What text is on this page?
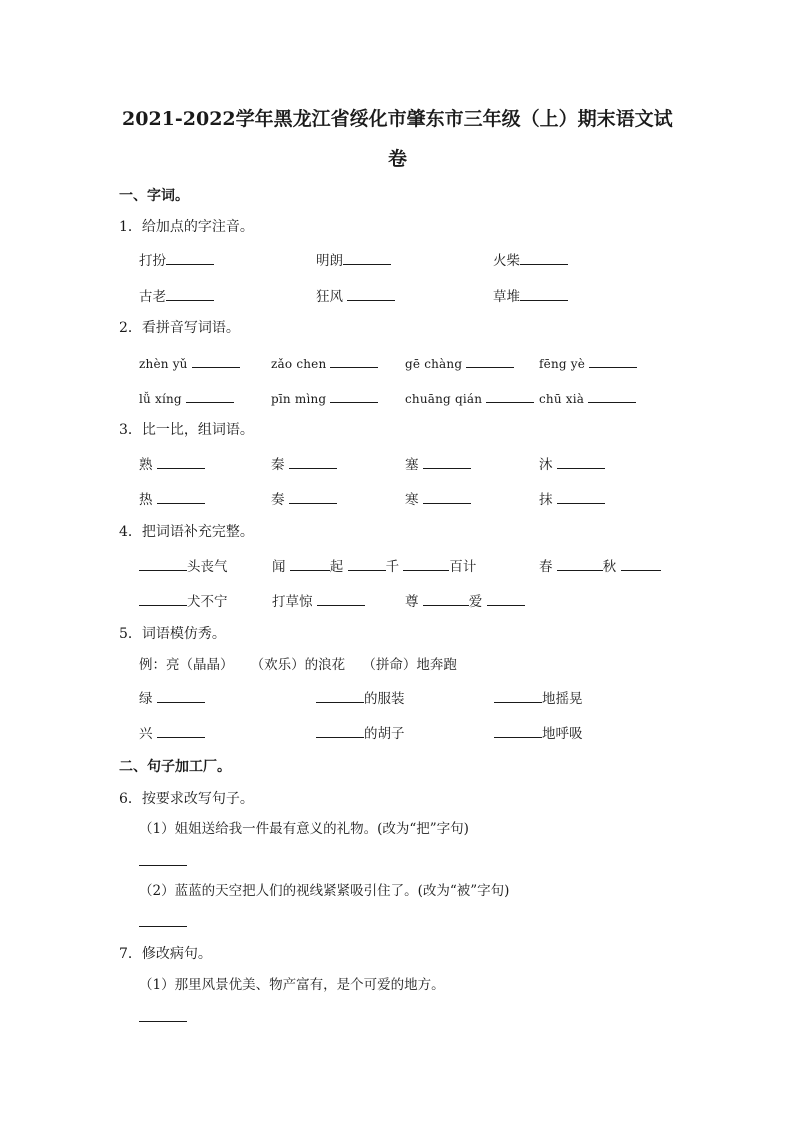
2021-2022学年黑龙江省绥化市肇东市三年级（上）期末语文试
卷
一、字词。
1．给加点的字注音。
打扮	明朗	火柴
古老	狂风	草堆
2．看拼音写词语。
zhèn yǔ	zǎo chen	gē chàng	fēng yè
lǚ xíng	pīn mìng	chuāng qián	chū xià
3．比一比，组词语。
熟	秦	塞	沐
热	奏	寒	抹
4．把词语补充完整。
头丧气	闻	起	千	百计	春	秋
犬不宁	打草惊	尊	爱
5．词语模仿秀。
例：亮（晶晶）    （欢乐）的浪花    （拼命）地奔跑
绿	的服装	地摇晃
兴	的胡子	地呼吸
二、句子加工厂。
6．按要求改写句子。
（1）姐姐送给我一件最有意义的礼物。(改为“把”字句)
（2）蓝蓝的天空把人们的视线紧紧吸引住了。(改为“被”字句)
7．修改病句。
（1）那里风景优美、物产富有，是个可爱的地方。
